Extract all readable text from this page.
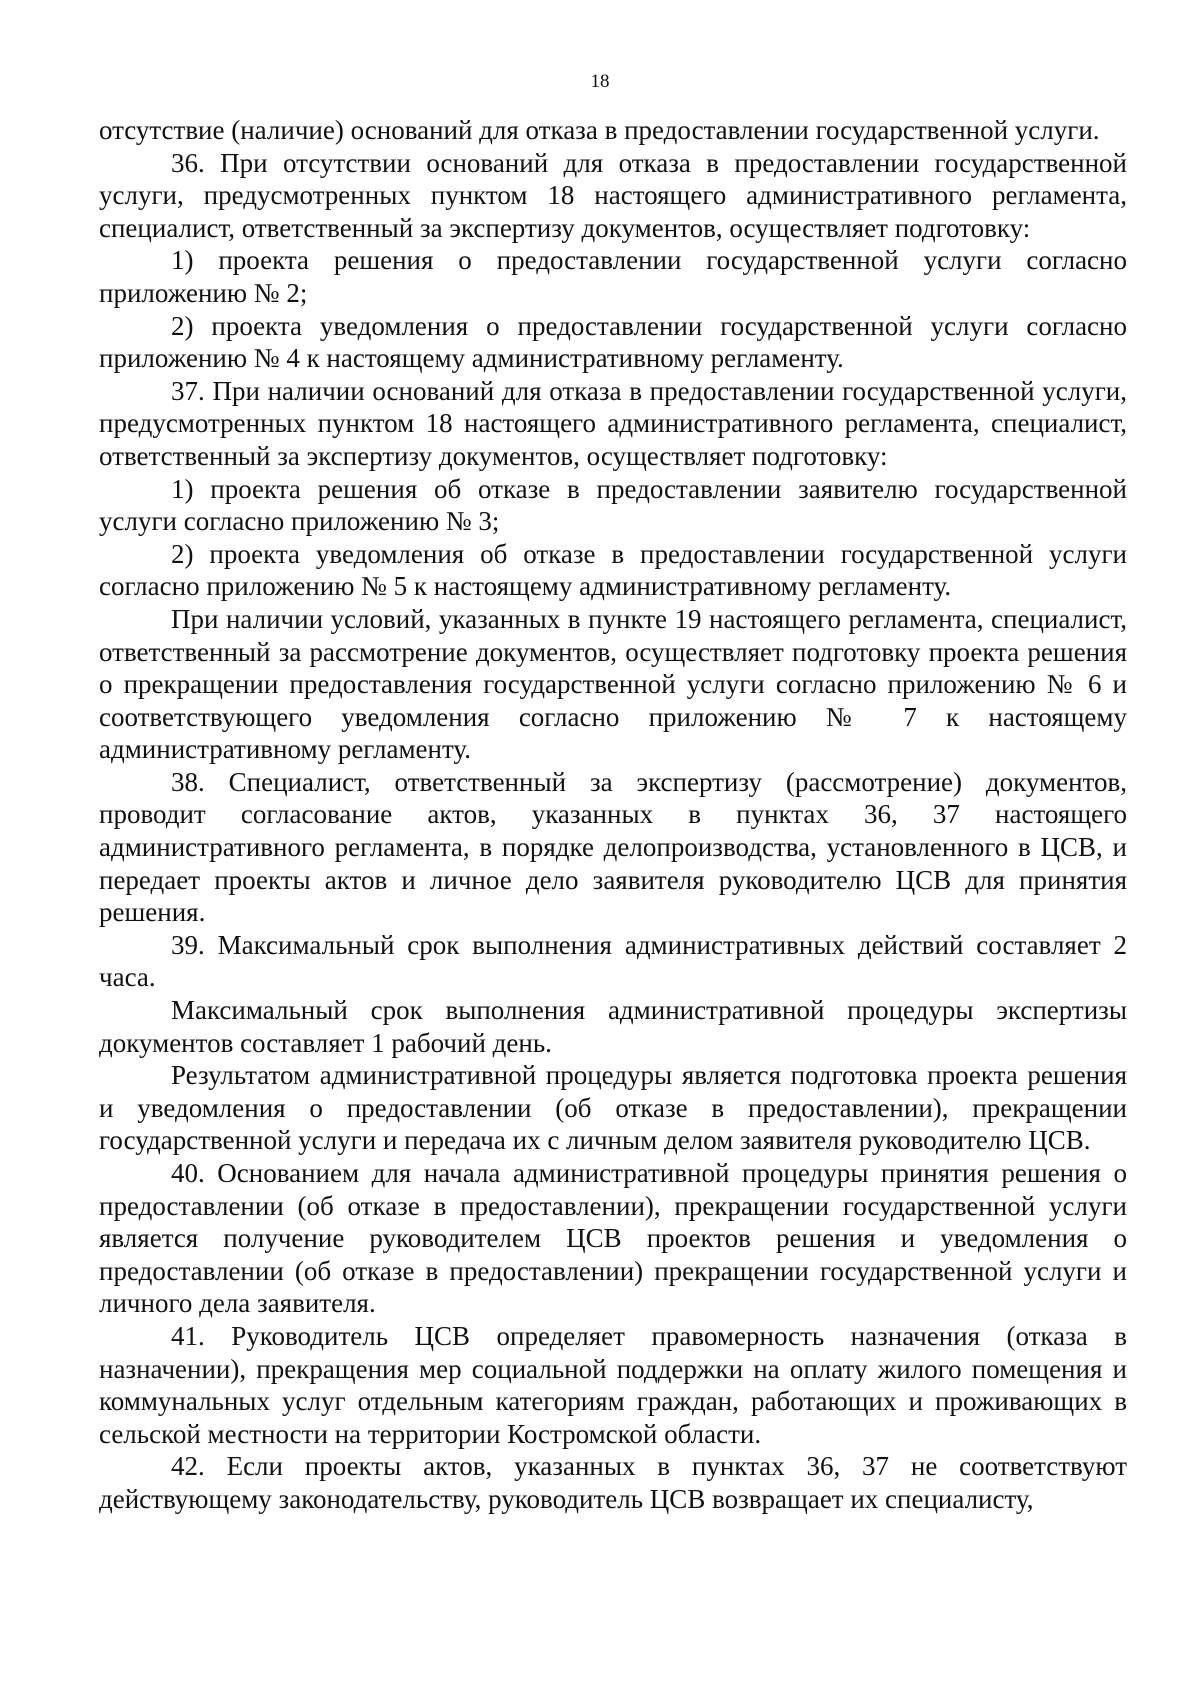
18

отсутствие (наличие) оснований для отказа в предоставлении государственной услуги.

36. При отсутствии оснований для отказа в предоставлении государственной услуги, предусмотренных пунктом 18 настоящего административного регламента, специалист, ответственный за экспертизу документов, осуществляет подготовку:

1) проекта решения о предоставлении государственной услуги согласно приложению № 2;

2) проекта уведомления о предоставлении государственной услуги согласно приложению № 4 к настоящему административному регламенту.

37. При наличии оснований для отказа в предоставлении государственной услуги, предусмотренных пунктом 18 настоящего административного регламента, специалист, ответственный за экспертизу документов, осуществляет подготовку:

1) проекта решения об отказе в предоставлении заявителю государственной услуги согласно приложению № 3;

2) проекта уведомления об отказе в предоставлении государственной услуги согласно приложению № 5 к настоящему административному регламенту.

При наличии условий, указанных в пункте 19 настоящего регламента, специалист, ответственный за рассмотрение документов, осуществляет подготовку проекта решения о прекращении предоставления государственной услуги согласно приложению № 6 и соответствующего уведомления согласно приложению № 7 к настоящему административному регламенту.

38. Специалист, ответственный за экспертизу (рассмотрение) документов, проводит согласование актов, указанных в пунктах 36, 37 настоящего административного регламента, в порядке делопроизводства, установленного в ЦСВ, и передает проекты актов и личное дело заявителя руководителю ЦСВ для принятия решения.

39. Максимальный срок выполнения административных действий составляет 2 часа.

Максимальный срок выполнения административной процедуры экспертизы документов составляет 1 рабочий день.

Результатом административной процедуры является подготовка проекта решения и уведомления о предоставлении (об отказе в предоставлении), прекращении государственной услуги и передача их с личным делом заявителя руководителю ЦСВ.

40. Основанием для начала административной процедуры принятия решения о предоставлении (об отказе в предоставлении), прекращении государственной услуги является получение руководителем ЦСВ проектов решения и уведомления о предоставлении (об отказе в предоставлении) прекращении государственной услуги и личного дела заявителя.

41. Руководитель ЦСВ определяет правомерность назначения (отказа в назначении), прекращения мер социальной поддержки на оплату жилого помещения и коммунальных услуг отдельным категориям граждан, работающих и проживающих в сельской местности на территории Костромской области.

42. Если проекты актов, указанных в пунктах 36, 37 не соответствуют действующему законодательству, руководитель ЦСВ возвращает их специалисту,
